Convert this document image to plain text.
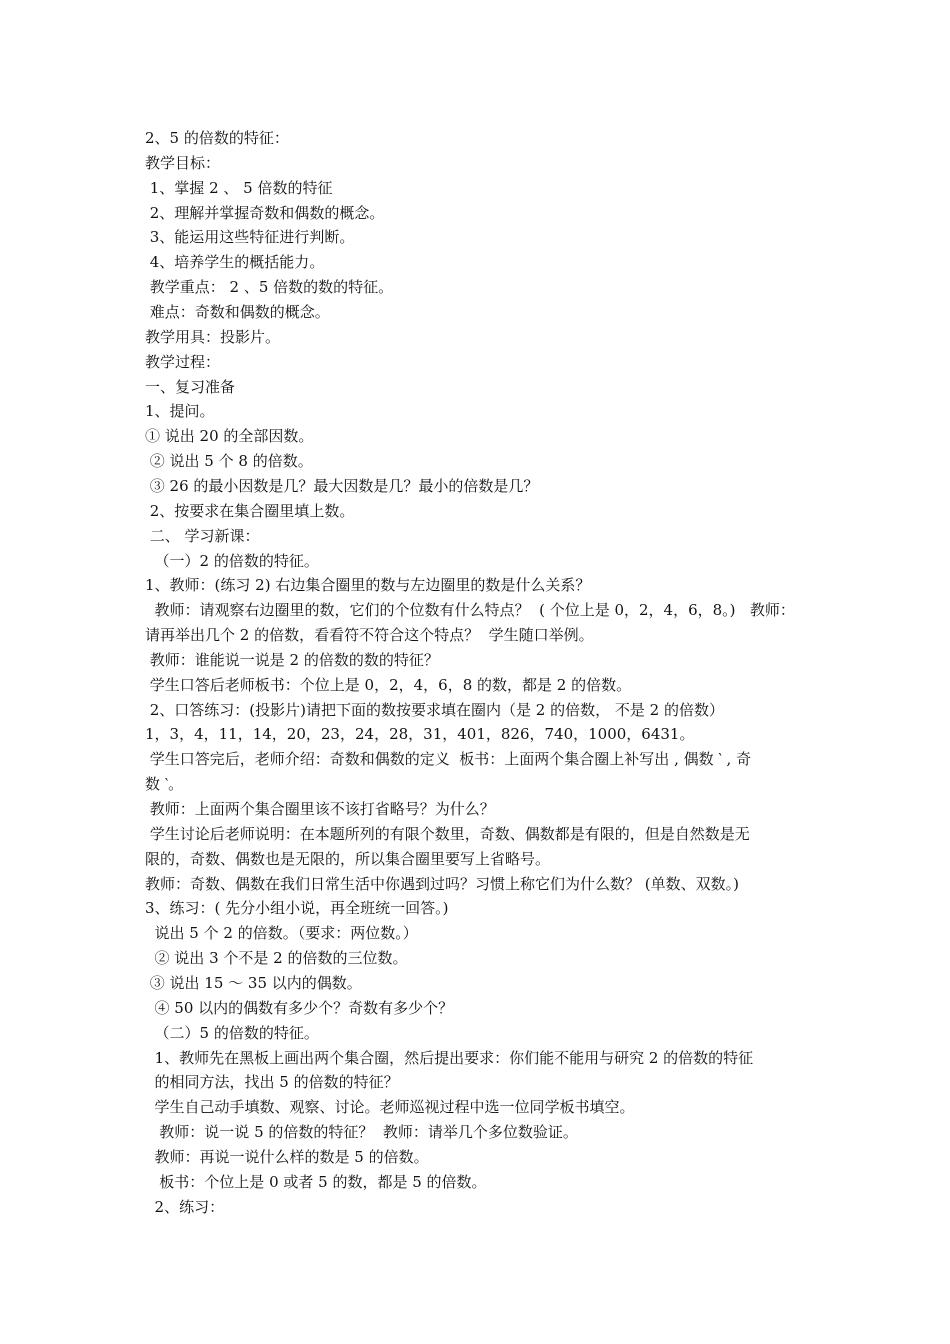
2、5 的倍数的特征：
教学目标：
1、掌握 2 、 5 倍数的特征
2、理解并掌握奇数和偶数的概念。
3、能运用这些特征进行判断。
4、培养学生的概括能力。
教学重点： 2 、5 倍数的数的特征。
难点：奇数和偶数的概念。
教学用具：投影片。
教学过程：
一、复习准备
1、提问。
① 说出 20 的全部因数。
② 说出 5 个 8 的倍数。
③ 26 的最小因数是几？最大因数是几？最小的倍数是几？
2、按要求在集合圈里填上数。
二、 学习新课：
（一）2 的倍数的特征。
1、教师：(练习 2) 右边集合圈里的数与左边圈里的数是什么关系？
教师：请观察右边圈里的数，它们的个位数有什么特点？  ( 个位上是 0，2，4，6，8。)   教师：
请再举出几个 2 的倍数，看看符不符合这个特点？  学生随口举例。
教师：谁能说一说是 2 的倍数的数的特征？
学生口答后老师板书：个位上是 0，2，4，6，8 的数，都是 2 的倍数。
2、口答练习：(投影片)请把下面的数按要求填在圈内（是 2 的倍数， 不是 2 的倍数）
1，3，4，11，14，20，23，24，28，31，401，826，740，1000，6431。
学生口答完后，老师介绍：奇数和偶数的定义  板书：上面两个集合圈上补写出 , 偶数 ‵ , 奇
数 ‵。
教师：上面两个集合圈里该不该打省略号？为什么？
学生讨论后老师说明：在本题所列的有限个数里，奇数、偶数都是有限的，但是自然数是无
限的，奇数、偶数也是无限的，所以集合圈里要写上省略号。
教师：奇数、偶数在我们日常生活中你遇到过吗？习惯上称它们为什么数？ (单数、双数。)
3、练习：( 先分小组小说，再全班统一回答。)
说出 5 个 2 的倍数。（要求：两位数。）
② 说出 3 个不是 2 的倍数的三位数。
③ 说出 15 ～ 35 以内的偶数。
④ 50 以内的偶数有多少个？奇数有多少个？
（二）5 的倍数的特征。
1、教师先在黑板上画出两个集合圈，然后提出要求：你们能不能用与研究 2 的倍数的特征
的相同方法，找出 5 的倍数的特征？
学生自己动手填数、观察、讨论。老师巡视过程中选一位同学板书填空。
教师：说一说 5 的倍数的特征？  教师：请举几个多位数验证。
教师：再说一说什么样的数是 5 的倍数。
板书：个位上是 0 或者 5 的数，都是 5 的倍数。
2、练习：
